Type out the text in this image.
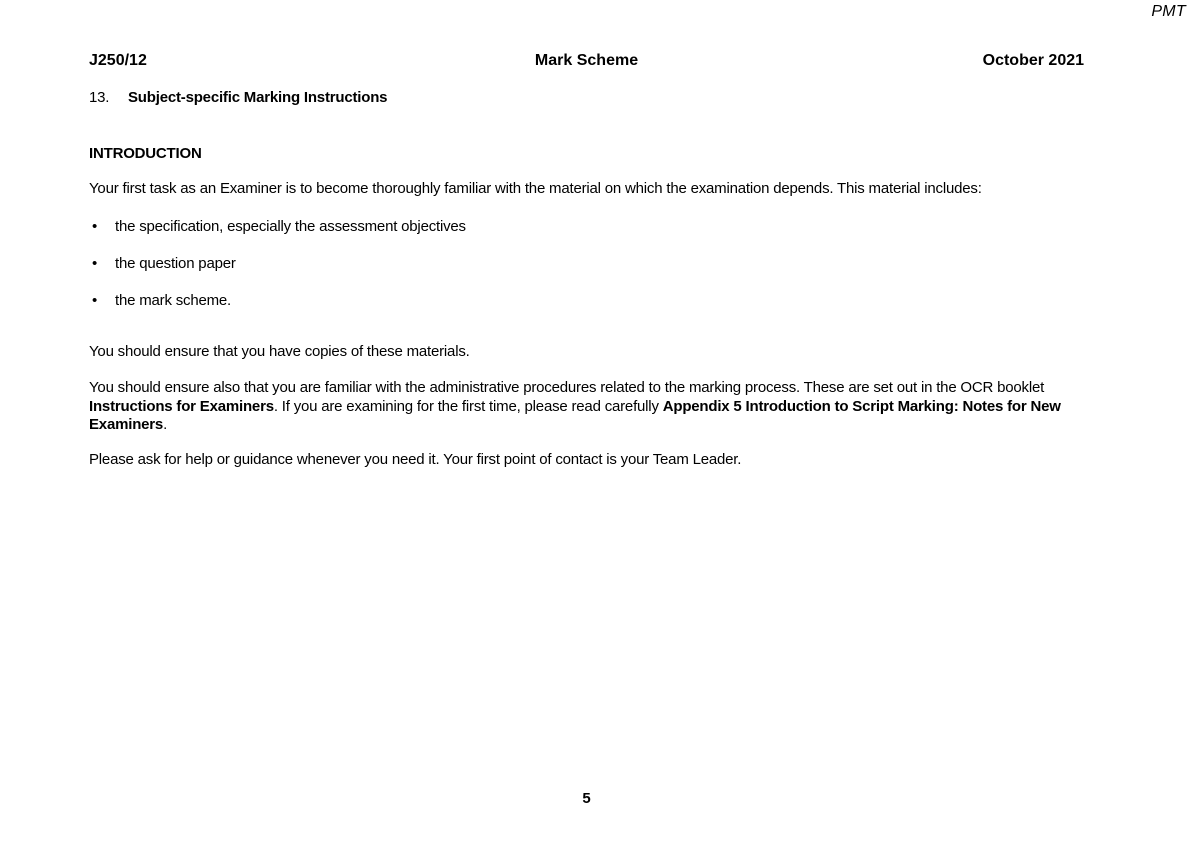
PMT
J250/12	Mark Scheme	October 2021
13. Subject-specific Marking Instructions
INTRODUCTION

Your first task as an Examiner is to become thoroughly familiar with the material on which the examination depends. This material includes:

•	the specification, especially the assessment objectives
•	the question paper
•	the mark scheme.

You should ensure that you have copies of these materials.

You should ensure also that you are familiar with the administrative procedures related to the marking process. These are set out in the OCR booklet Instructions for Examiners. If you are examining for the first time, please read carefully Appendix 5 Introduction to Script Marking: Notes for New Examiners.

Please ask for help or guidance whenever you need it. Your first point of contact is your Team Leader.

5
